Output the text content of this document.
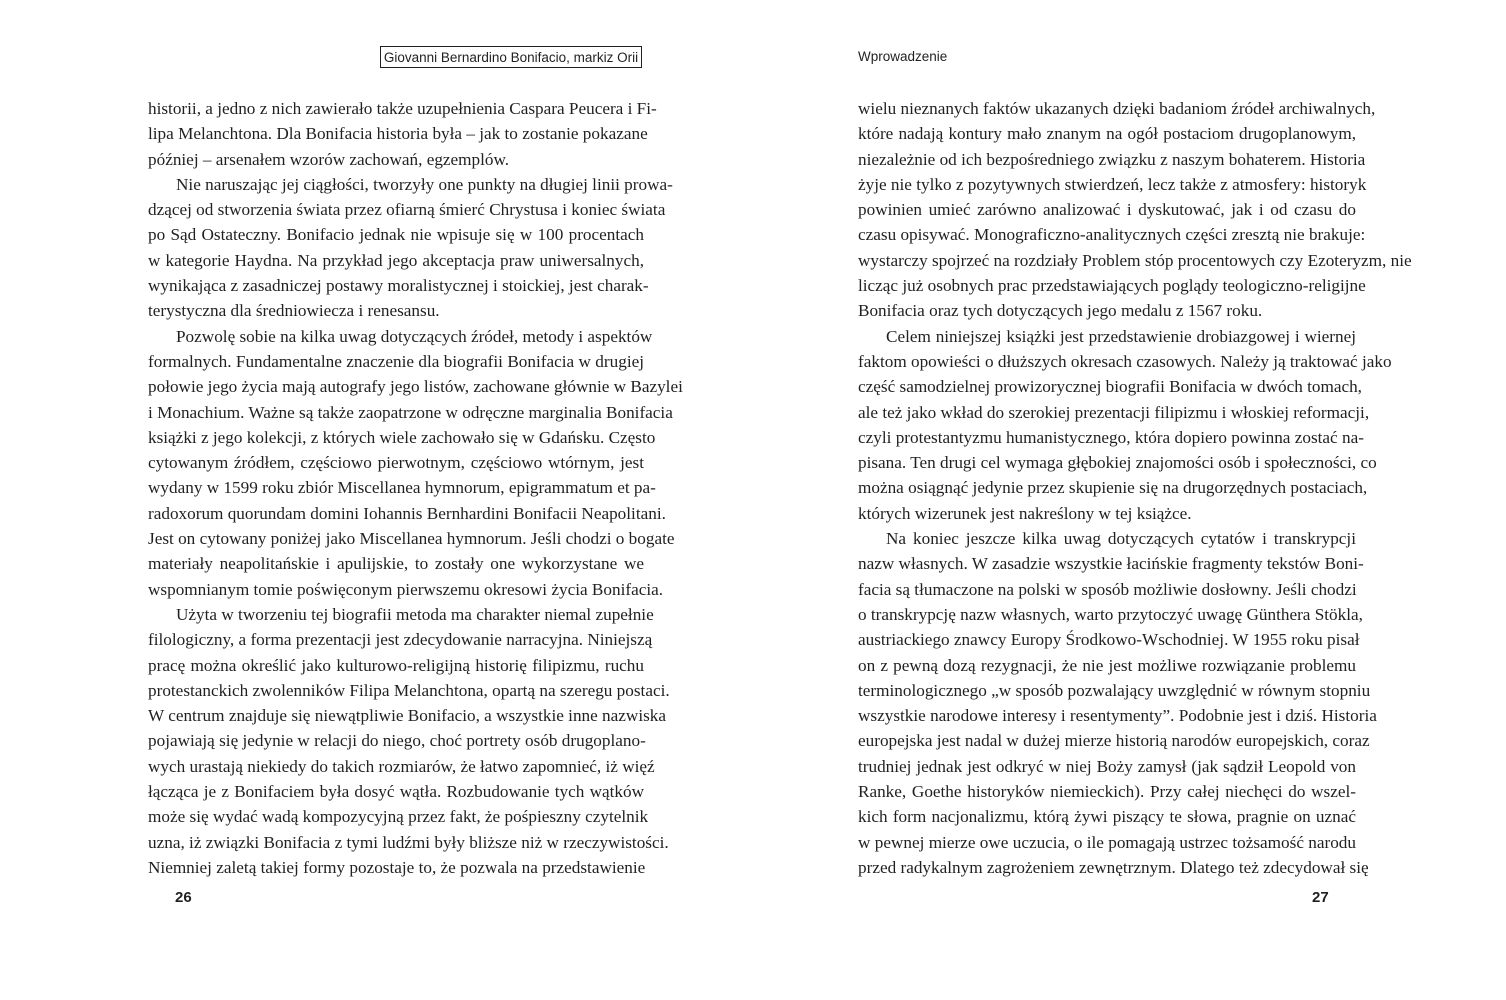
Giovanni Bernardino Bonifacio, markiz Orii
historii, a jedno z nich zawierało także uzupełnienia Caspara Peucera i Fi-
lipa Melanchtona. Dla Bonifacia historia była – jak to zostanie pokazane
później – arsenałem wzorów zachowań, egzemplów.
Nie naruszając jej ciągłości, tworzyły one punkty na długiej linii prowa-
dzącej od stworzenia świata przez ofiarną śmierć Chrystusa i koniec świata
po Sąd Ostateczny. Bonifacio jednak nie wpisuje się w 100 procentach
w kategorie Haydna. Na przykład jego akceptacja praw uniwersalnych,
wynikająca z zasadniczej postawy moralistycznej i stoickiej, jest charak-
terystyczna dla średniowiecza i renesansu.
Pozwolę sobie na kilka uwag dotyczących źródeł, metody i aspektów
formalnych. Fundamentalne znaczenie dla biografii Bonifacia w drugiej
połowie jego życia mają autografy jego listów, zachowane głównie w Bazylei
i Monachium. Ważne są także zaopatrzone w odręczne marginalia Bonifacia
książki z jego kolekcji, z których wiele zachowało się w Gdańsku. Często
cytowanym źródłem, częściowo pierwotnym, częściowo wtórnym, jest
wydany w 1599 roku zbiór Miscellanea hymnorum, epigrammatum et pa-
radoxorum quorundam domini Iohannis Bernhardini Bonifacii Neapolitani.
Jest on cytowany poniżej jako Miscellanea hymnorum. Jeśli chodzi o bogate
materiały neapolitańskie i apulijskie, to zostały one wykorzystane we
wspomnianym tomie poświęconym pierwszemu okresowi życia Bonifacia.
Użyta w tworzeniu tej biografii metoda ma charakter niemal zupełnie
filologiczny, a forma prezentacji jest zdecydowanie narracyjna. Niniejszą
pracę można określić jako kulturowo-religijną historię filipizmu, ruchu
protestanckich zwolenników Filipa Melanchtona, opartą na szeregu postaci.
W centrum znajduje się niewątpliwie Bonifacio, a wszystkie inne nazwiska
pojawiają się jedynie w relacji do niego, choć portrety osób drugoplano-
wych urastają niekiedy do takich rozmiarów, że łatwo zapomnieć, iż więź
łącząca je z Bonifaciem była dosyć wątła. Rozbudowanie tych wątków
może się wydać wadą kompozycyjną przez fakt, że pośpieszny czytelnik
uzna, iż związki Bonifacia z tymi ludźmi były bliższe niż w rzeczywistości.
Niemniej zaletą takiej formy pozostaje to, że pozwala na przedstawienie
26
Wprowadzenie
wielu nieznanych faktów ukazanych dzięki badaniom źródeł archiwalnych,
które nadają kontury mało znanym na ogół postaciom drugoplanowym,
niezależnie od ich bezpośredniego związku z naszym bohaterem. Historia
żyje nie tylko z pozytywnych stwierdzeń, lecz także z atmosfery: historyk
powinien umieć zarówno analizować i dyskutować, jak i od czasu do
czasu opisywać. Monograficzno-analitycznych części zresztą nie brakuje:
wystarczy spojrzeć na rozdziały Problem stóp procentowych czy Ezoteryzm, nie
licząc już osobnych prac przedstawiających poglądy teologiczno-religijne
Bonifacia oraz tych dotyczących jego medalu z 1567 roku.
Celem niniejszej książki jest przedstawienie drobiazgowej i wiernej
faktom opowieści o dłuższych okresach czasowych. Należy ją traktować jako
część samodzielnej prowizorycznej biografii Bonifacia w dwóch tomach,
ale też jako wkład do szerokiej prezentacji filipizmu i włoskiej reformacji,
czyli protestantyzmu humanistycznego, która dopiero powinna zostać na-
pisana. Ten drugi cel wymaga głębokiej znajomości osób i społeczności, co
można osiągnąć jedynie przez skupienie się na drugorzędnych postaciach,
których wizerunek jest nakreślony w tej książce.
Na koniec jeszcze kilka uwag dotyczących cytatów i transkrypcji
nazw własnych. W zasadzie wszystkie łacińskie fragmenty tekstów Boni-
facia są tłumaczone na polski w sposób możliwie dosłowny. Jeśli chodzi
o transkrypcję nazw własnych, warto przytoczyć uwagę Günthera Stökla,
austriackiego znawcy Europy Środkowo-Wschodniej. W 1955 roku pisał
on z pewną dozą rezygnacji, że nie jest możliwe rozwiązanie problemu
terminologicznego „w sposób pozwalający uwzględnić w równym stopniu
wszystkie narodowe interesy i resentymenty”. Podobnie jest i dziś. Historia
europejska jest nadal w dużej mierze historią narodów europejskich, coraz
trudniej jednak jest odkryć w niej Boży zamysł (jak sądził Leopold von
Ranke, Goethe historyków niemieckich). Przy całej niechęci do wszel-
kich form nacjonalizmu, którą żywi piszący te słowa, pragnie on uznać
w pewnej mierze owe uczucia, o ile pomagają ustrzec tożsamość narodu
przed radykalnym zagrożeniem zewnętrznym. Dlatego też zdecydował się
27
